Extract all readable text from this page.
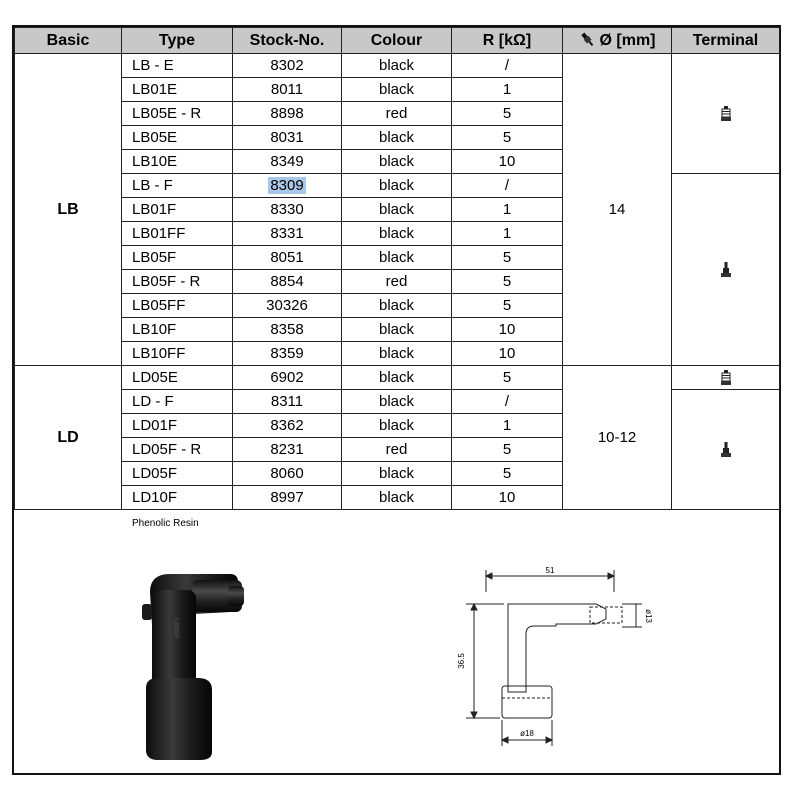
Basic	Type	Stock-No.	Colour	R [kΩ]	Ø [mm]	Terminal
LB	LB - E	8302	black	/	14	
	LB01E	8011	black	1		
	LB05E - R	8898	red	5		
	LB05E	8031	black	5		
	LB10E	8349	black	10		
	LB - F	8309	black	/	
	LB01F	8330	black	1		
	LB01FF	8331	black	1		
	LB05F	8051	black	5		
	LB05F - R	8854	red	5		
	LB05FF	30326	black	5		
	LB10F	8358	black	10		
	LB10FF	8359	black	10		
LD	LD05E	6902	black	5	10-12	
	LD - F	8311	black	/	
	LD01F	8362	black	1		
	LD05F - R	8231	red	5		
	LD05F	8060	black	5		
	LD10F	8997	black	10		
Phenolic Resin
LB05F
51
ø13
36.5
ø18
